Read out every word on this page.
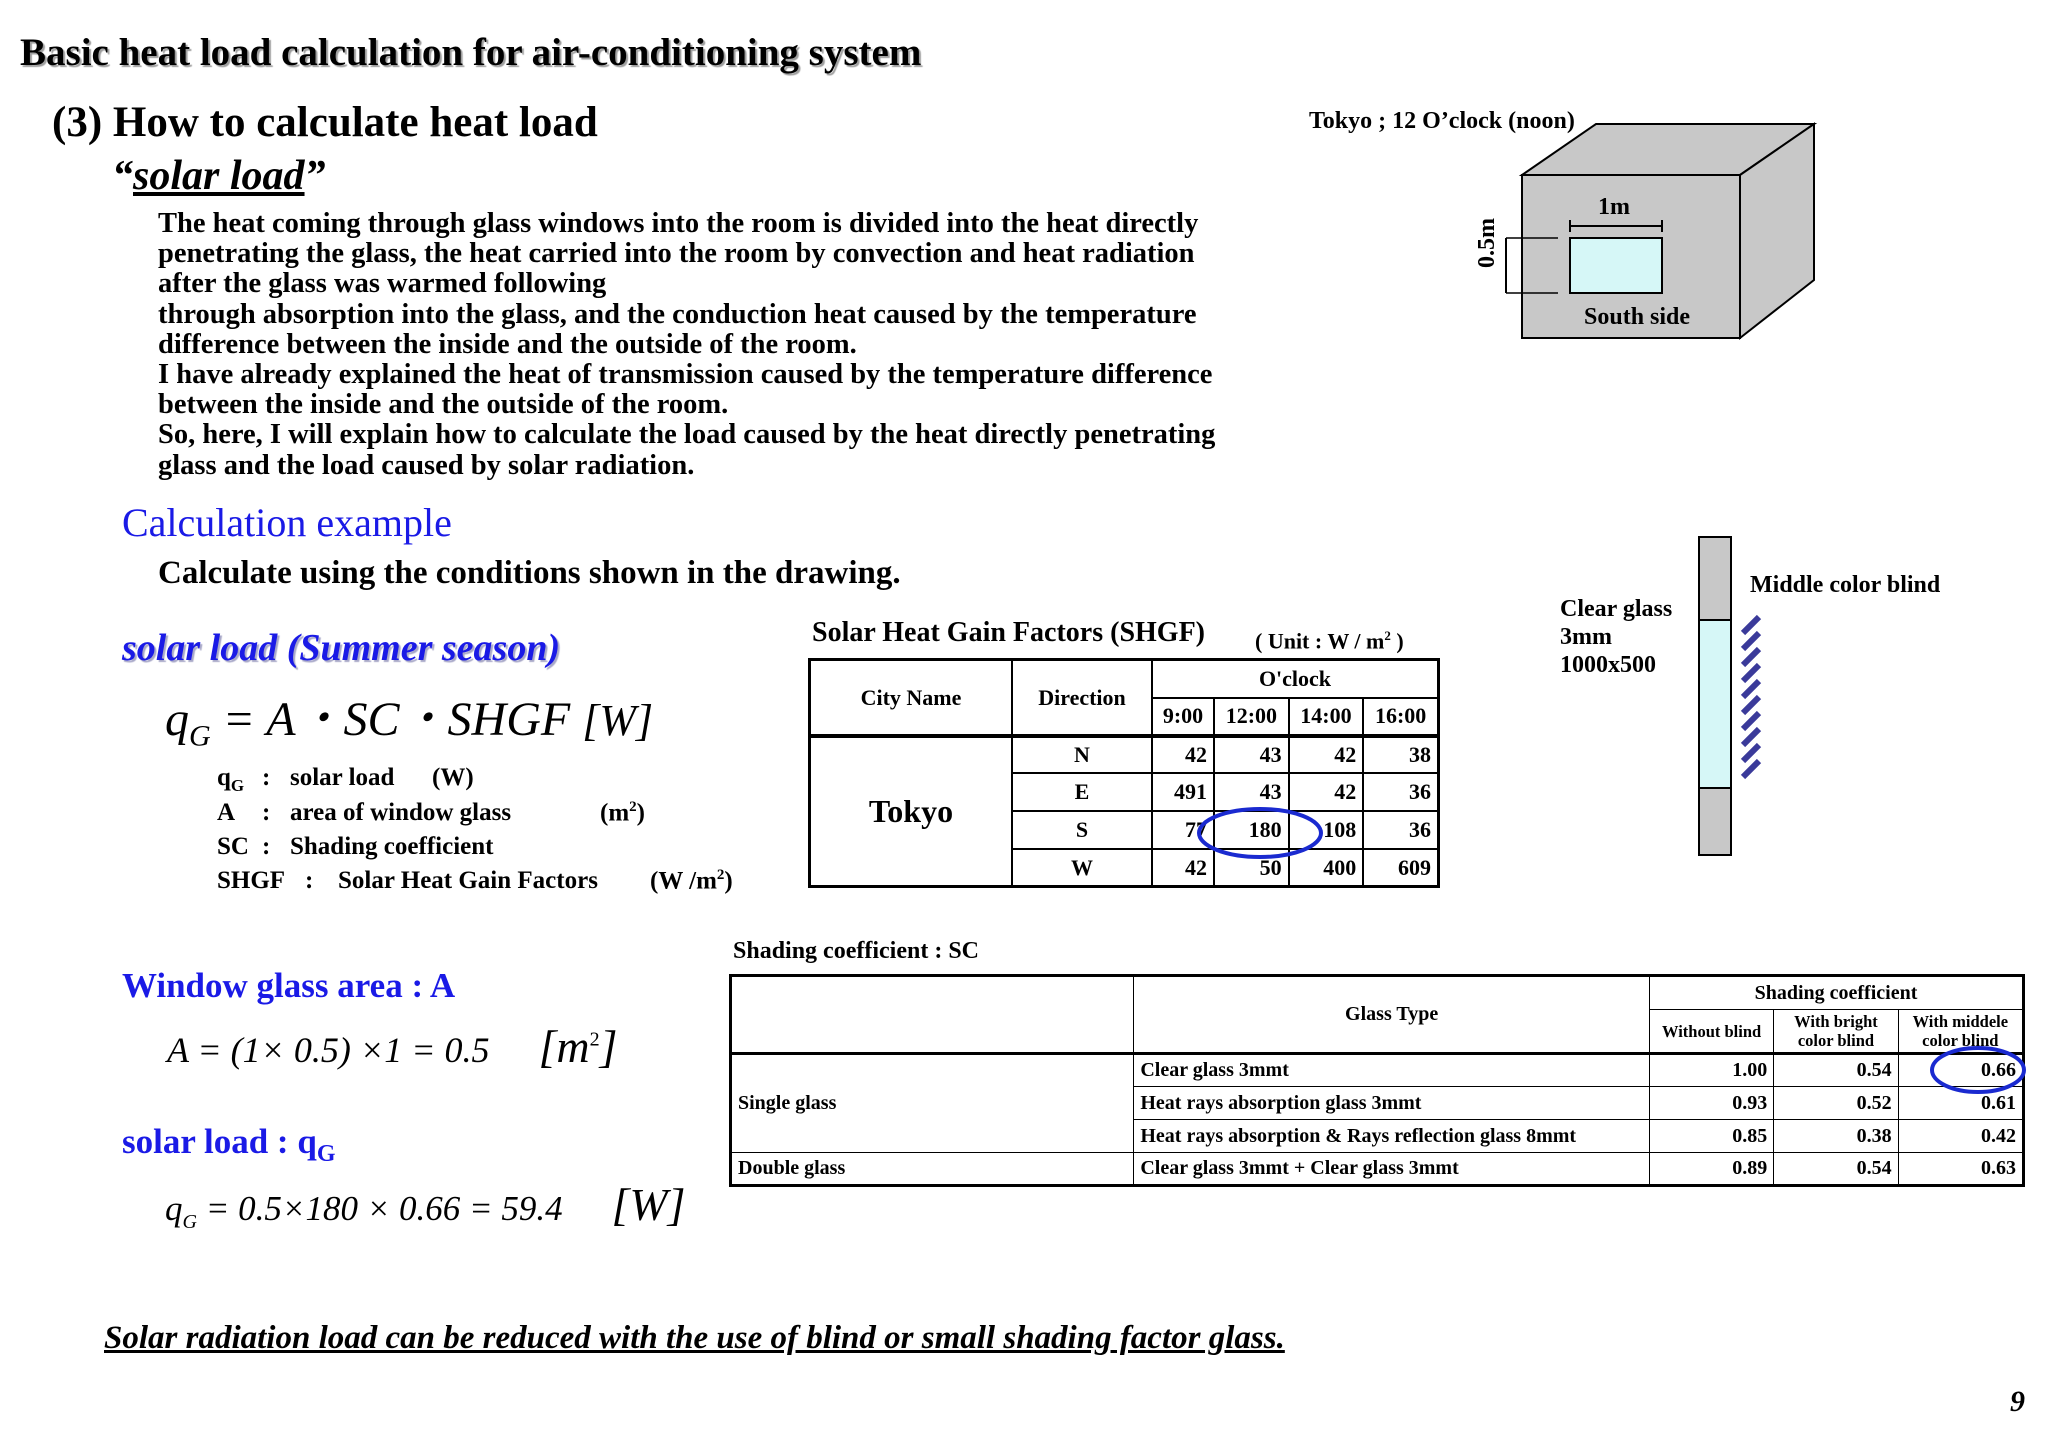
Basic heat load calculation for air-conditioning system
(3) How to calculate heat load
“solar load”
The heat coming through glass windows into the room is divided into the heat directly
penetrating the glass, the heat carried into the room by convection and heat radiation
after the glass was warmed following
through absorption into the glass, and the conduction heat caused by the temperature
difference between the inside and the outside of the room.
I have already explained the heat of transmission caused by the temperature difference
between the inside and the outside of the room.
So, here, I will explain how to calculate the load caused by the heat directly penetrating
glass and the load caused by solar radiation.
Calculation example
Calculate using the conditions shown in the drawing.
solar load (Summer season)
$q_G = A$・SC・SHGF [W]
$q_G$ : solar load (W)
A : area of window glass	$(m^2)$
SC : Shading coefficient
SHGF : Solar Heat Gain Factors (W $/m^2$)
Window glass area : A
A = (1× 0.5) ×1 = 0.5 $[m^2]$
solar load : $q_G$
$q_G = 0.5\times 180 \times 0.66 = 59.4$ [W]
Solar Heat Gain Factors (SHGF) ( Unit : W / $m^2$ )
City Name	Direction	O'clock			
		9:00	12:00	14:00	16:00
Tokyo	N	42	43	42	38
	E	491	43	42	36
	S	77	180	108	36
	W	42	50	400	609
Shading coefficient : SC
	Glass Type	Shading coefficient		
		Without blind	With bright color blind	With middele color blind
Single glass	Clear glass 3mmt	1.00	0.54	0.66
	Heat rays absorption glass 3mmt	0.93	0.52	0.61
	Heat rays absorption & Rays reflection glass 8mmt	0.85	0.38	0.42
Double glass	Clear glass 3mmt + Clear glass 3mmt	0.89	0.54	0.63
Tokyo ; 12 O’clock (noon)
1m
0.5m
South side
Clear glass
3mm
1000x500
Middle color blind
Solar radiation load can be reduced with the use of blind or small shading factor glass.
9
